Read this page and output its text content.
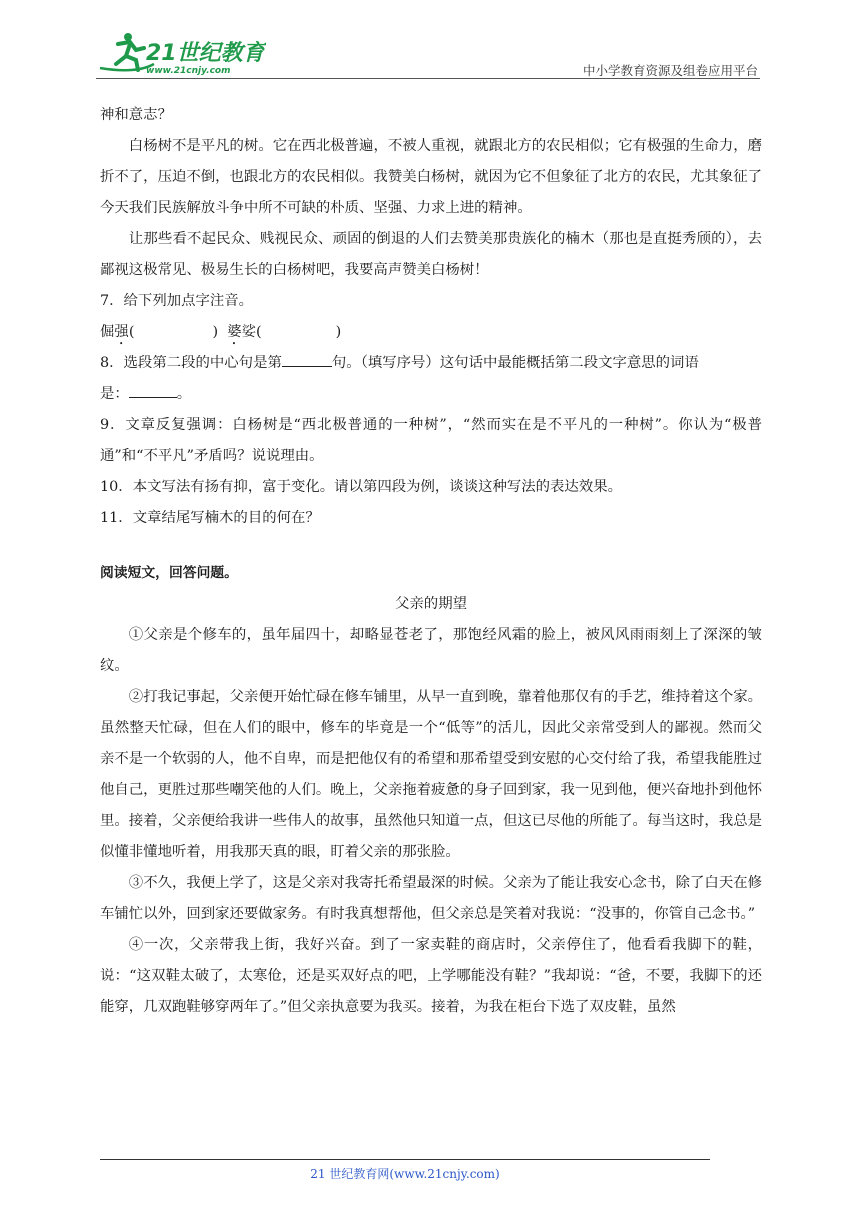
21世纪教育
www.21cnjy.com	中小学教育资源及组卷应用平台

神和意志？

白杨树不是平凡的树。它在西北极普遍，不被人重视，就跟北方的农民相似；它有极强的生命力，磨折不了，压迫不倒，也跟北方的农民相似。我赞美白杨树，就因为它不但象征了北方的农民，尤其象征了今天我们民族解放斗争中所不可缺的朴质、坚强、力求上进的精神。

让那些看不起民众、贱视民众、顽固的倒退的人们去赞美那贵族化的楠木（那也是直挺秀颀的），去鄙视这极常见、极易生长的白杨树吧，我要高声赞美白杨树！

7．给下列加点字注音。

倔强(	) 婆娑(	)

8．选段第二段的中心句是第	句。（填写序号）这句话中最能概括第二段文字意思的词语

是：	。

9．文章反复强调：白杨树是“西北极普通的一种树”，“然而实在是不平凡的一种树”。你认为“极普通”和“不平凡”矛盾吗？说说理由。

10．本文写法有扬有抑，富于变化。请以第四段为例，谈谈这种写法的表达效果。

11．文章结尾写楠木的目的何在？

阅读短文，回答问题。

父亲的期望

①父亲是个修车的，虽年届四十，却略显苍老了，那饱经风霜的脸上，被风风雨雨刻上了深深的皱纹。

②打我记事起，父亲便开始忙碌在修车铺里，从早一直到晚，靠着他那仅有的手艺，维持着这个家。虽然整天忙碌，但在人们的眼中，修车的毕竟是一个“低等”的活儿，因此父亲常受到人的鄙视。然而父亲不是一个软弱的人，他不自卑，而是把他仅有的希望和那希望受到安慰的心交付给了我，希望我能胜过他自己，更胜过那些嘲笑他的人们。晚上，父亲拖着疲惫的身子回到家，我一见到他，便兴奋地扑到他怀里。接着，父亲便给我讲一些伟人的故事，虽然他只知道一点，但这已尽他的所能了。每当这时，我总是似懂非懂地听着，用我那天真的眼，盯着父亲的那张脸。

③不久，我便上学了，这是父亲对我寄托希望最深的时候。父亲为了能让我安心念书，除了白天在修车铺忙以外，回到家还要做家务。有时我真想帮他，但父亲总是笑着对我说：“没事的，你管自己念书。”

④一次，父亲带我上街，我好兴奋。到了一家卖鞋的商店时，父亲停住了，他看看我脚下的鞋，说：“这双鞋太破了，太寒伧，还是买双好点的吧，上学哪能没有鞋？”我却说：“爸，不要，我脚下的还能穿，几双跑鞋够穿两年了。”但父亲执意要为我买。接着，为我在柜台下选了双皮鞋，虽然

21 世纪教育网(www.21cnjy.com)
